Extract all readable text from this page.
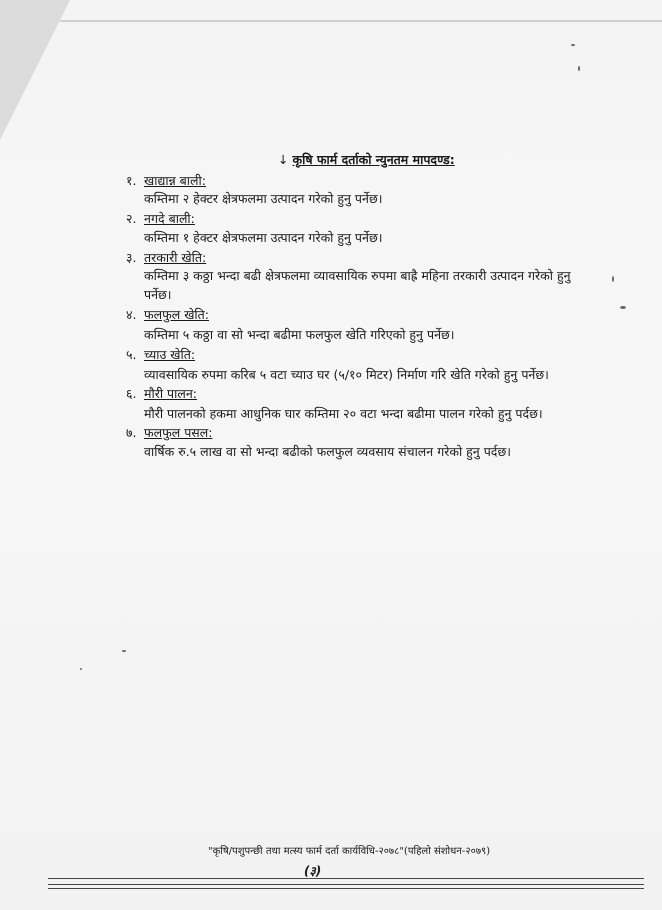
↓ कृषि फार्म दर्ताको न्युनतम मापदण्ड:
१. खाद्यान्न बाली:
कम्तिमा २ हेक्टर क्षेत्रफलमा उत्पादन गरेको हुनु पर्नेछ।
२. नगदे बाली:
कम्तिमा १ हेक्टर क्षेत्रफलमा उत्पादन गरेको हुनु पर्नेछ।
३. तरकारी खेति:
कम्तिमा ३ कठ्ठा भन्दा बढी क्षेत्रफलमा व्यावसायिक रुपमा बाह्रै महिना तरकारी उत्पादन गरेको हुनु
पर्नेछ।
४. फलफुल खेति:
कम्तिमा ५ कठ्ठा वा सो भन्दा बढीमा फलफुल खेति गरिएको हुनु पर्नेछ।
५. च्याउ खेति:
व्यावसायिक रुपमा करिब ५ वटा च्याउ घर (५/१० मिटर) निर्माण गरि खेति गरेको हुनु पर्नेछ।
६. मौरी पालन:
मौरी पालनको हकमा आधुनिक घार कम्तिमा २० वटा भन्दा बढीमा पालन गरेको हुनु पर्दछ।
७. फलफुल पसल:
वार्षिक रु.५ लाख वा सो भन्दा बढीको फलफुल व्यवसाय संचालन गरेको हुनु पर्दछ।
"कृषि/पशुपन्छी तथा मत्स्य फार्म दर्ता कार्यविधि-२०७८"(पहिलो संशोधन-२०७९)
(३)
